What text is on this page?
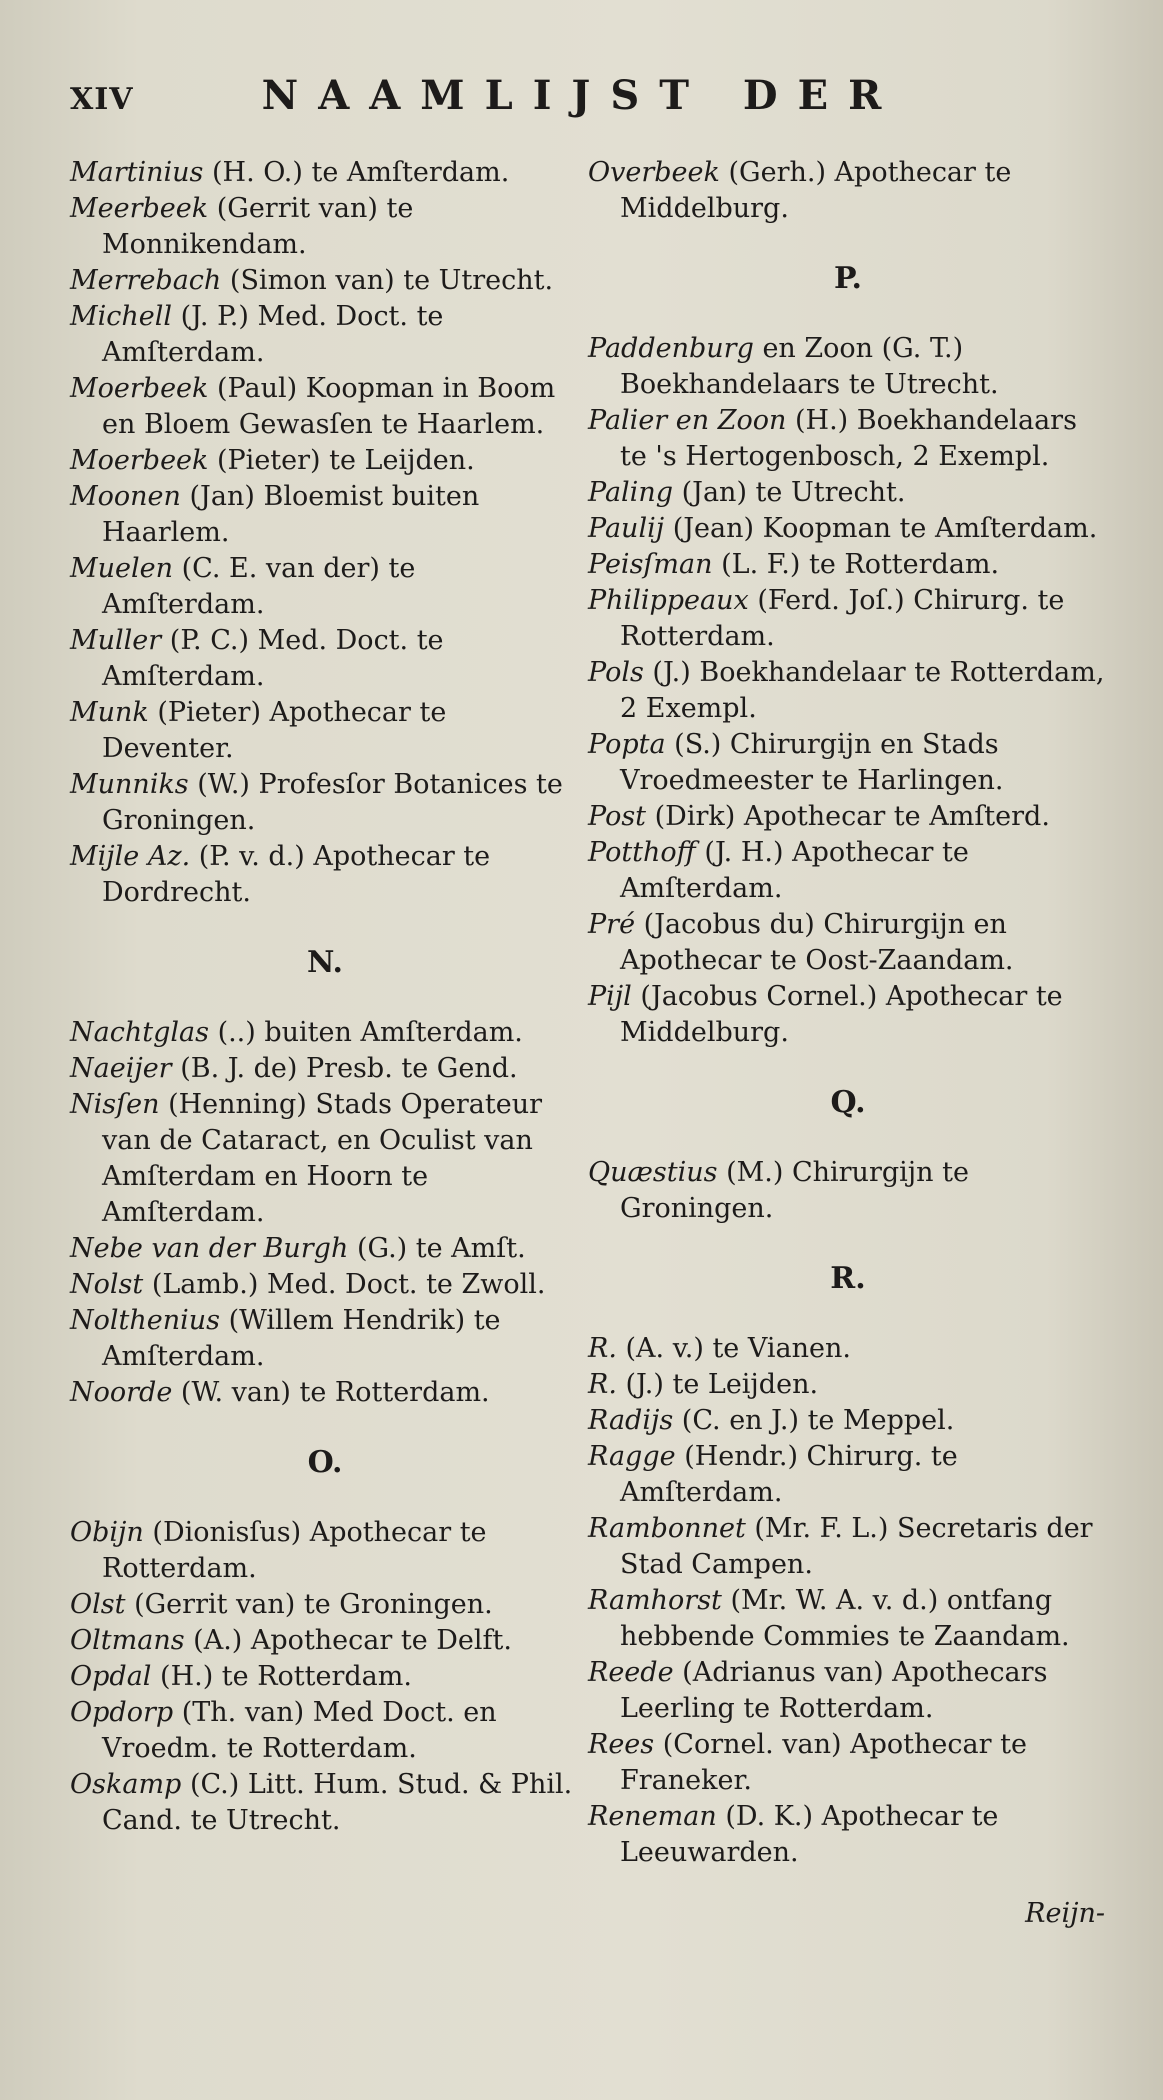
XIV	NAAMLIJST DER

Martinius (H. O.) te Amſterdam.

Meerbeek (Gerrit van) te Monnikendam.

Merrebach (Simon van) te Utrecht.

Michell (J. P.) Med. Doct. te Amſterdam.

Moerbeek (Paul) Koopman in Boom en Bloem Gewasſen te Haarlem.

Moerbeek (Pieter) te Leijden.

Moonen (Jan) Bloemist buiten Haarlem.

Muelen (C. E. van der) te Amſterdam.

Muller (P. C.) Med. Doct. te Amſterdam.

Munk (Pieter) Apothecar te Deventer.

Munniks (W.) Profesſor Botanices te Groningen.

Mijle Az. (P. v. d.) Apothecar te Dordrecht.

N.

Nachtglas (..) buiten Amſterdam.

Naeijer (B. J. de) Presb. te Gend.

Nisſen (Henning) Stads Operateur van de Cataract, en Oculist van Amſterdam en Hoorn te Amſterdam.

Nebe van der Burgh (G.) te Amſt.

Nolst (Lamb.) Med. Doct. te Zwoll.

Nolthenius (Willem Hendrik) te Amſterdam.

Noorde (W. van) te Rotterdam.

O.

Obijn (Dionisſus) Apothecar te Rotterdam.

Olst (Gerrit van) te Groningen.

Oltmans (A.) Apothecar te Delft.

Opdal (H.) te Rotterdam.

Opdorp (Th. van) Med Doct. en Vroedm. te Rotterdam.

Oskamp (C.) Litt. Hum. Stud. & Phil. Cand. te Utrecht.

Overbeek (Gerh.) Apothecar te Middelburg.

P.

Paddenburg en Zoon (G. T.) Boekhandelaars te Utrecht.

Palier en Zoon (H.) Boekhandelaars te 's Hertogenbosch, 2 Exempl.

Paling (Jan) te Utrecht.

Paulij (Jean) Koopman te Amſterdam.

Peisſman (L. F.) te Rotterdam.

Philippeaux (Ferd. Joſ.) Chirurg. te Rotterdam.

Pols (J.) Boekhandelaar te Rotterdam, 2 Exempl.

Popta (S.) Chirurgijn en Stads Vroedmeester te Harlingen.

Post (Dirk) Apothecar te Amſterd.

Potthoff (J. H.) Apothecar te Amſterdam.

Pré (Jacobus du) Chirurgijn en Apothecar te Oost-Zaandam.

Pijl (Jacobus Cornel.) Apothecar te Middelburg.

Q.

Quæstius (M.) Chirurgijn te Groningen.

R.

R. (A. v.) te Vianen.

R. (J.) te Leijden.

Radijs (C. en J.) te Meppel.

Ragge (Hendr.) Chirurg. te Amſterdam.

Rambonnet (Mr. F. L.) Secretaris der Stad Campen.

Ramhorst (Mr. W. A. v. d.) ontfang hebbende Commies te Zaandam.

Reede (Adrianus van) Apothecars Leerling te Rotterdam.

Rees (Cornel. van) Apothecar te Franeker.

Reneman (D. K.) Apothecar te Leeuwarden.

Reijn-
